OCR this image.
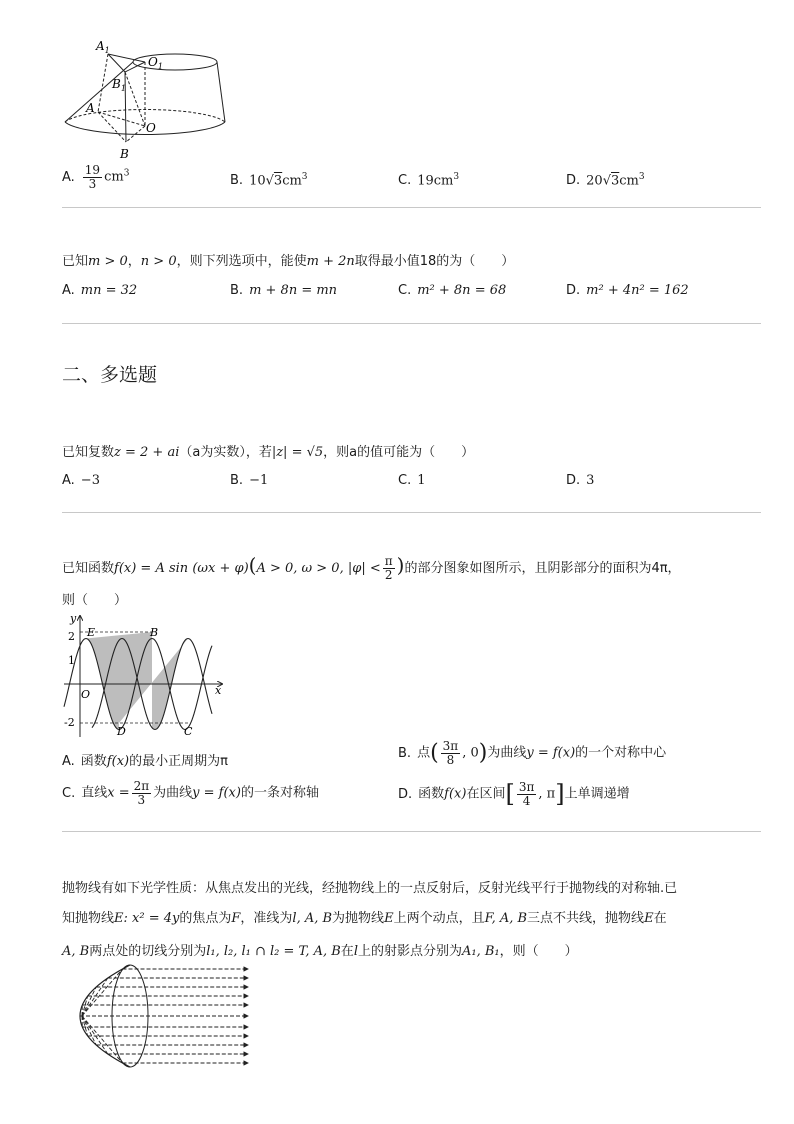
$A_1$
$O_1$
$B_1$
A
O
B
A. $\frac{19}{3} cm^3$
B. $10√3cm^3$	C. $19cm^3$	D. $20√3cm^3$
已知m > 0，n > 0，则下列选项中，能使m + 2n取得最小值18的为（　　）
A. mn = 32	B. m + 8n = mn	C. m² + 8n = 68	D. m² + 4n² = 162
二、多选题
已知复数z = 2 + ai（a为实数），若|z| = √5，则a的值可能为（　　）
A. −3	B. −1	C. 1	D. 3
已知函数f(x) = A sin (ωx + φ)(A > 0, ω > 0, $|\varphi| < \frac{\pi}{2}$ )的部分图象如图所示，且阴影部分的面积为4π，
则（　　）
y
x
O
E	B
D	C
2
1
-2
A. 函数f(x)的最小正周期为π
B. 点( $\frac{3\pi}{8}$ , 0)为曲线y = f(x)的一个对称中心
C. 直线$x = \frac{2\pi}{3}$ 为曲线y = f(x)的一条对称轴	D. 函数f(x)在区间[ $\frac{3\pi}{4}$ , π]上单调递增
抛物线有如下光学性质：从焦点发出的光线，经抛物线上的一点反射后，反射光线平行于抛物线的对称轴.已
知抛物线E: x² = 4y的焦点为F，准线为l, A, B为抛物线E上两个动点，且F, A, B三点不共线，抛物线E在
A, B两点处的切线分别为l₁, l₂, l₁ ∩ l₂ = T, A, B在l上的射影点分别为A₁, B₁，则（　　）
